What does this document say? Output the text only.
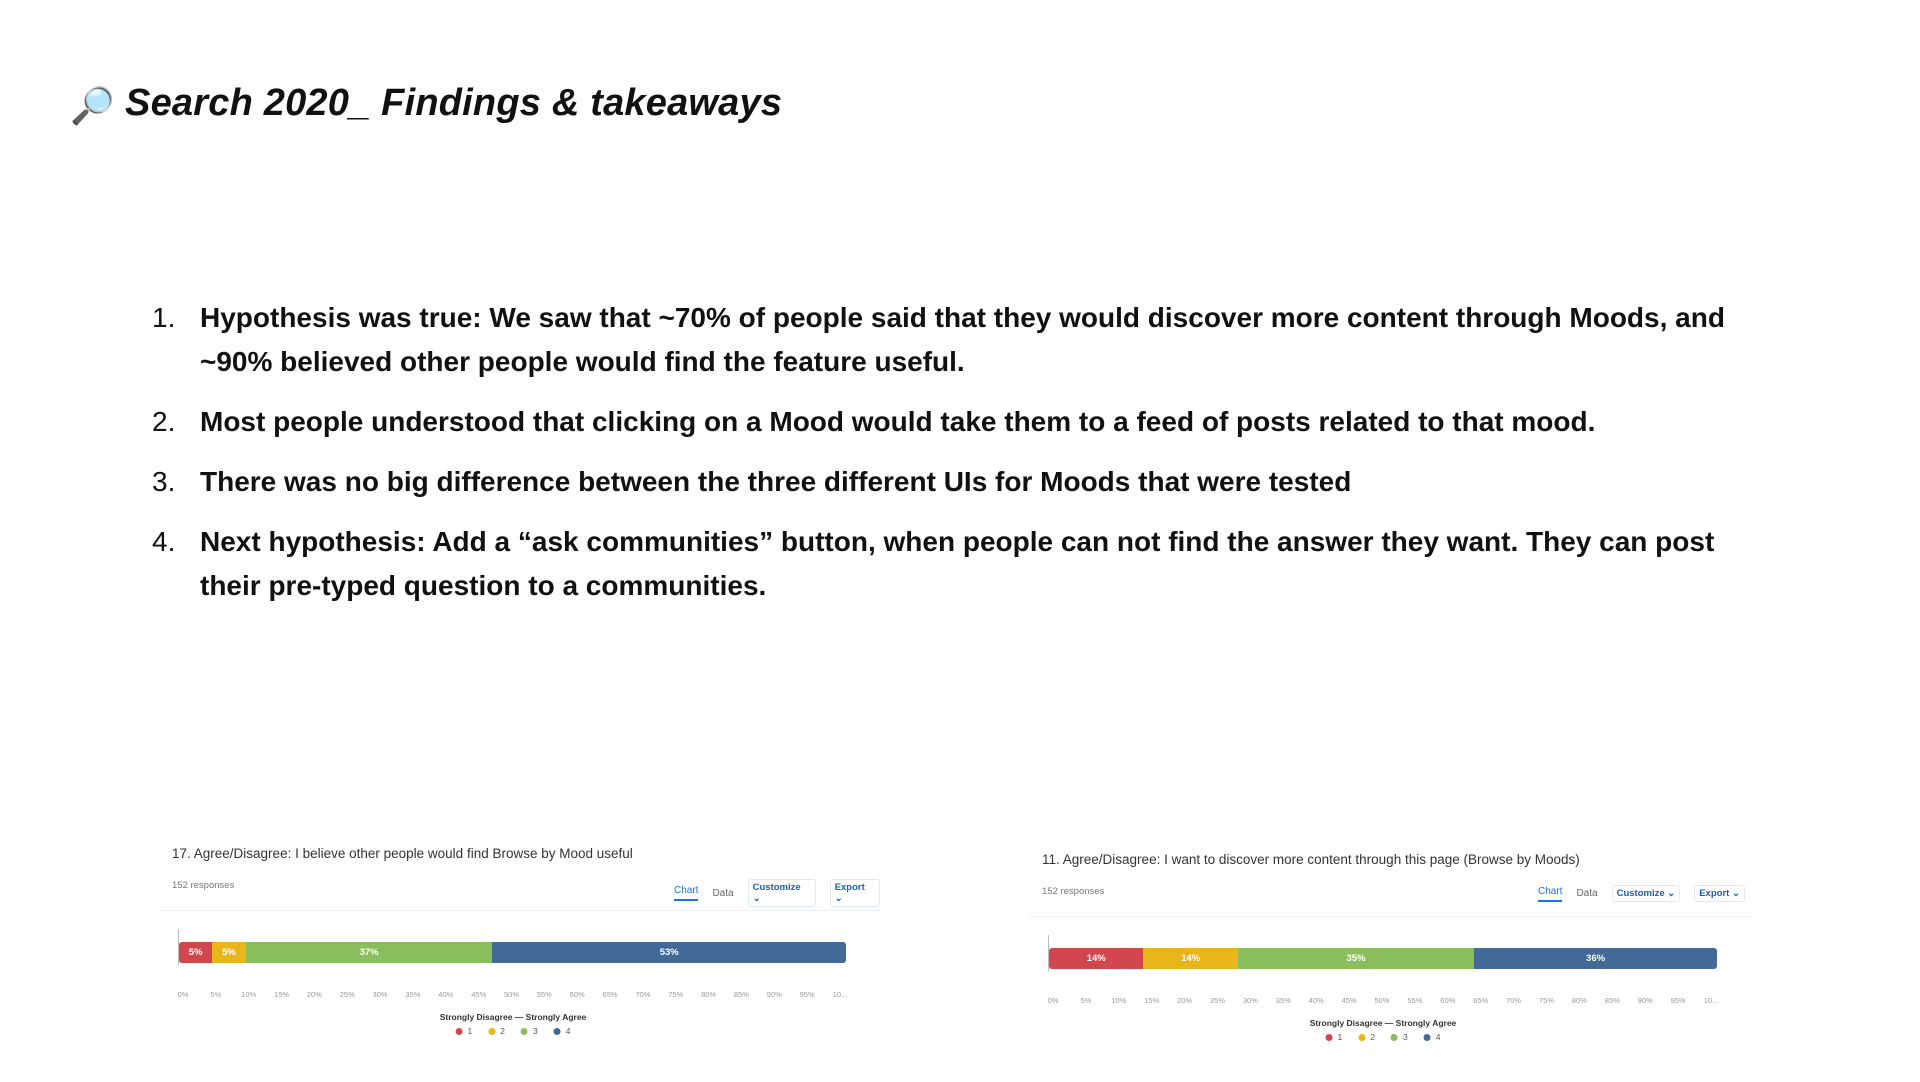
🔎 Search 2020_ Findings & takeaways
1. Hypothesis was true: We saw that ~70% of people said that they would discover more content through Moods, and ~90% believed other people would find the feature useful.
2. Most people understood that clicking on a Mood would take them to a feed of posts related to that mood.
3. There was no big difference between the three different UIs for Moods that were tested
4. Next hypothesis: Add a “ask communities” button, when people can not find the answer they want. They can post their pre-typed question to a communities.
17. Agree/Disagree: I believe other people would find Browse by Mood useful
152 responses	Chart Data	Customize ⌄
Export ⌄
5% 5%	37%	53%
0%	5%	10% 15% 20% 25% 30% 35% 40% 45% 50% 55% 60% 65% 70% 75% 80% 85% 90% 95% 10...
Strongly Disagree — Strongly Agree
1	2	3	4
11. Agree/Disagree: I want to discover more content through this page (Browse by Moods)
152 responses	Chart Data	Customize ⌄	Export ⌄
14%	14%	35%	36%
0%	5%	10% 15% 20% 25% 30% 35% 40% 45% 50% 55% 60% 65% 70% 75% 80% 85% 90% 95% 10...
Strongly Disagree — Strongly Agree
1	2	3	4
